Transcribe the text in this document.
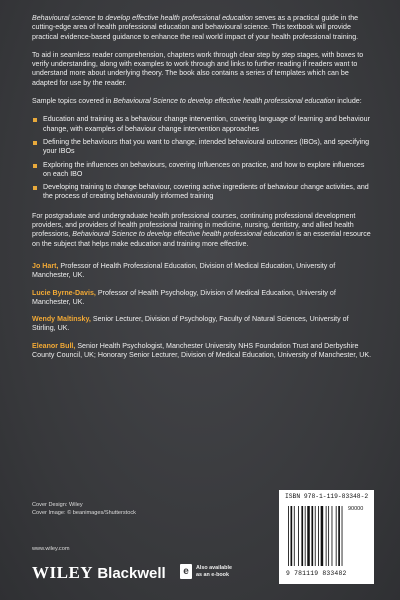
Behavioural science to develop effective health professional education serves as a practical guide in the cutting-edge area of health professional education and behavioural science. This textbook will provide practical evidence-based guidance to enhance the real world impact of your health professional training.

To aid in seamless reader comprehension, chapters work through clear step by step stages, with boxes to verify understanding, along with examples to work through and links to further reading if readers want to understand more about underlying theory. The book also contains a series of templates which can be adapted for use by the reader.

Sample topics covered in Behavioural Science to develop effective health professional education include:

Education and training as a behaviour change intervention, covering language of learning and behaviour change, with examples of behaviour change intervention approaches
Defining the behaviours that you want to change, intended behavioural outcomes (IBOs), and specifying your IBOs
Exploring the influences on behaviours, covering Influences on practice, and how to explore influences on each IBO
Developing training to change behaviour, covering active ingredients of behaviour change activities, and the process of creating behaviourally informed training

For postgraduate and undergraduate health professional courses, continuing professional development providers, and providers of health professional training in medicine, nursing, dentistry, and allied health professions, Behavioural Science to develop effective health professional education is an essential resource on the subject that helps make education and training more effective.

Jo Hart, Professor of Health Professional Education, Division of Medical Education, University of Manchester, UK.

Lucie Byrne-Davis, Professor of Health Psychology, Division of Medical Education, University of Manchester, UK.

Wendy Maltinsky, Senior Lecturer, Division of Psychology, Faculty of Natural Sciences, University of Stirling, UK.

Eleanor Bull, Senior Health Psychologist, Manchester University NHS Foundation Trust and Derbyshire County Council, UK; Honorary Senior Lecturer, Division of Medical Education, University of Manchester, UK.

Cover Design: Wiley
Cover Image: © beanimages/Shutterstock
www.wiley.com
WILEY Blackwell	e	Also available
as an e-book
ISBN 978-1-119-83348-2
90000
9 781119 833482
